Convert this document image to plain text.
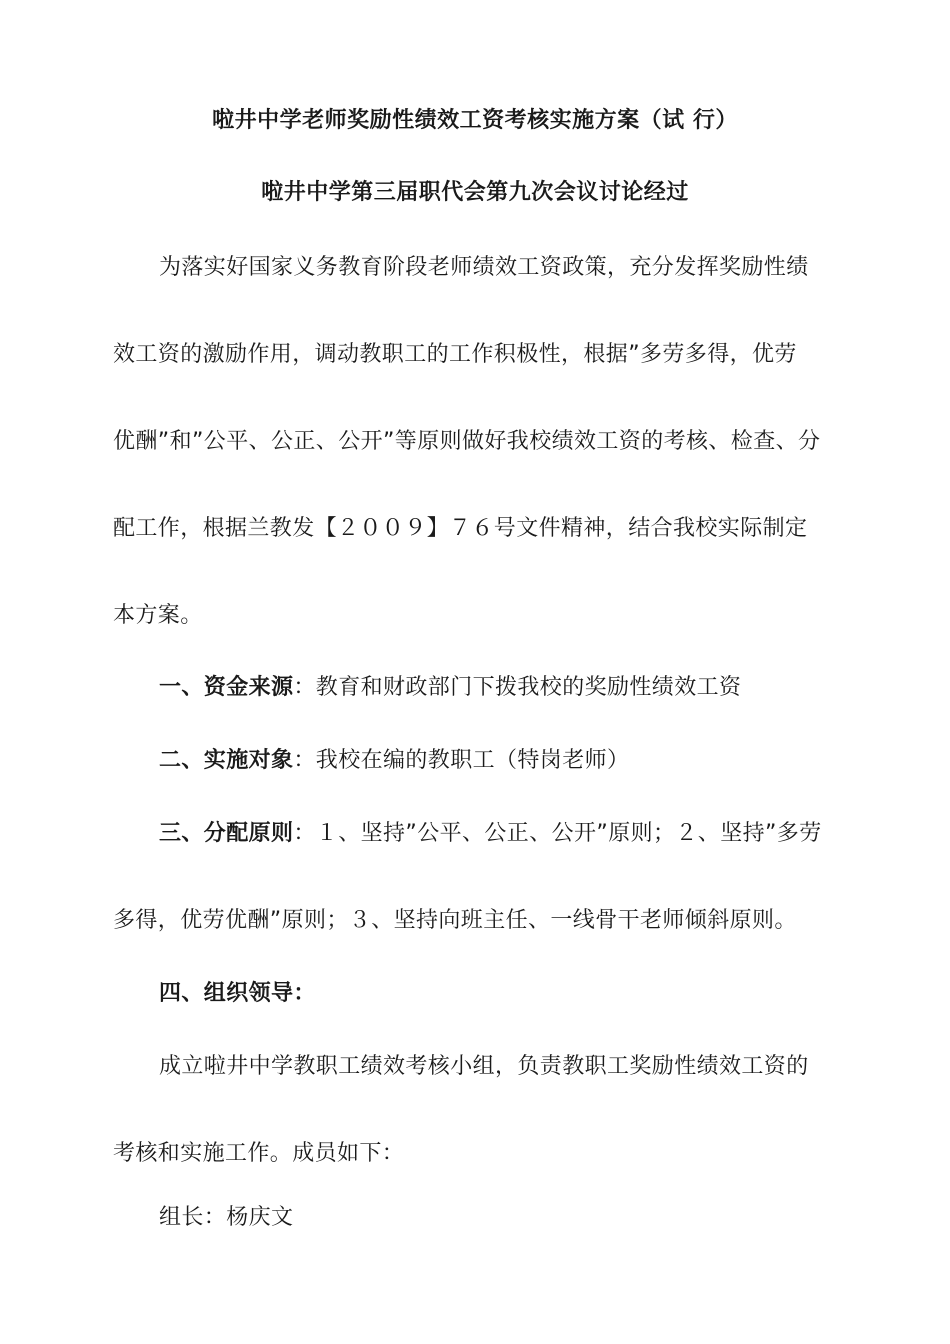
啦井中学老师奖励性绩效工资考核实施方案（试 行）
啦井中学第三届职代会第九次会议讨论经过
为落实好国家义务教育阶段老师绩效工资政策，充分发挥奖励性绩
效工资的激励作用，调动教职工的工作积极性，根据”多劳多得，优劳
优酬”和”公平、公正、公开”等原则做好我校绩效工资的考核、检查、分
配工作，根据兰教发【２００９】７６号文件精神，结合我校实际制定
本方案。
一、资金来源：教育和财政部门下拨我校的奖励性绩效工资
二、实施对象：我校在编的教职工（特岗老师）
三、分配原则：１、坚持”公平、公正、公开”原则；２、坚持”多劳
多得，优劳优酬”原则；３、坚持向班主任、一线骨干老师倾斜原则。
四、组织领导：
成立啦井中学教职工绩效考核小组，负责教职工奖励性绩效工资的
考核和实施工作。成员如下：
组长：杨庆文
